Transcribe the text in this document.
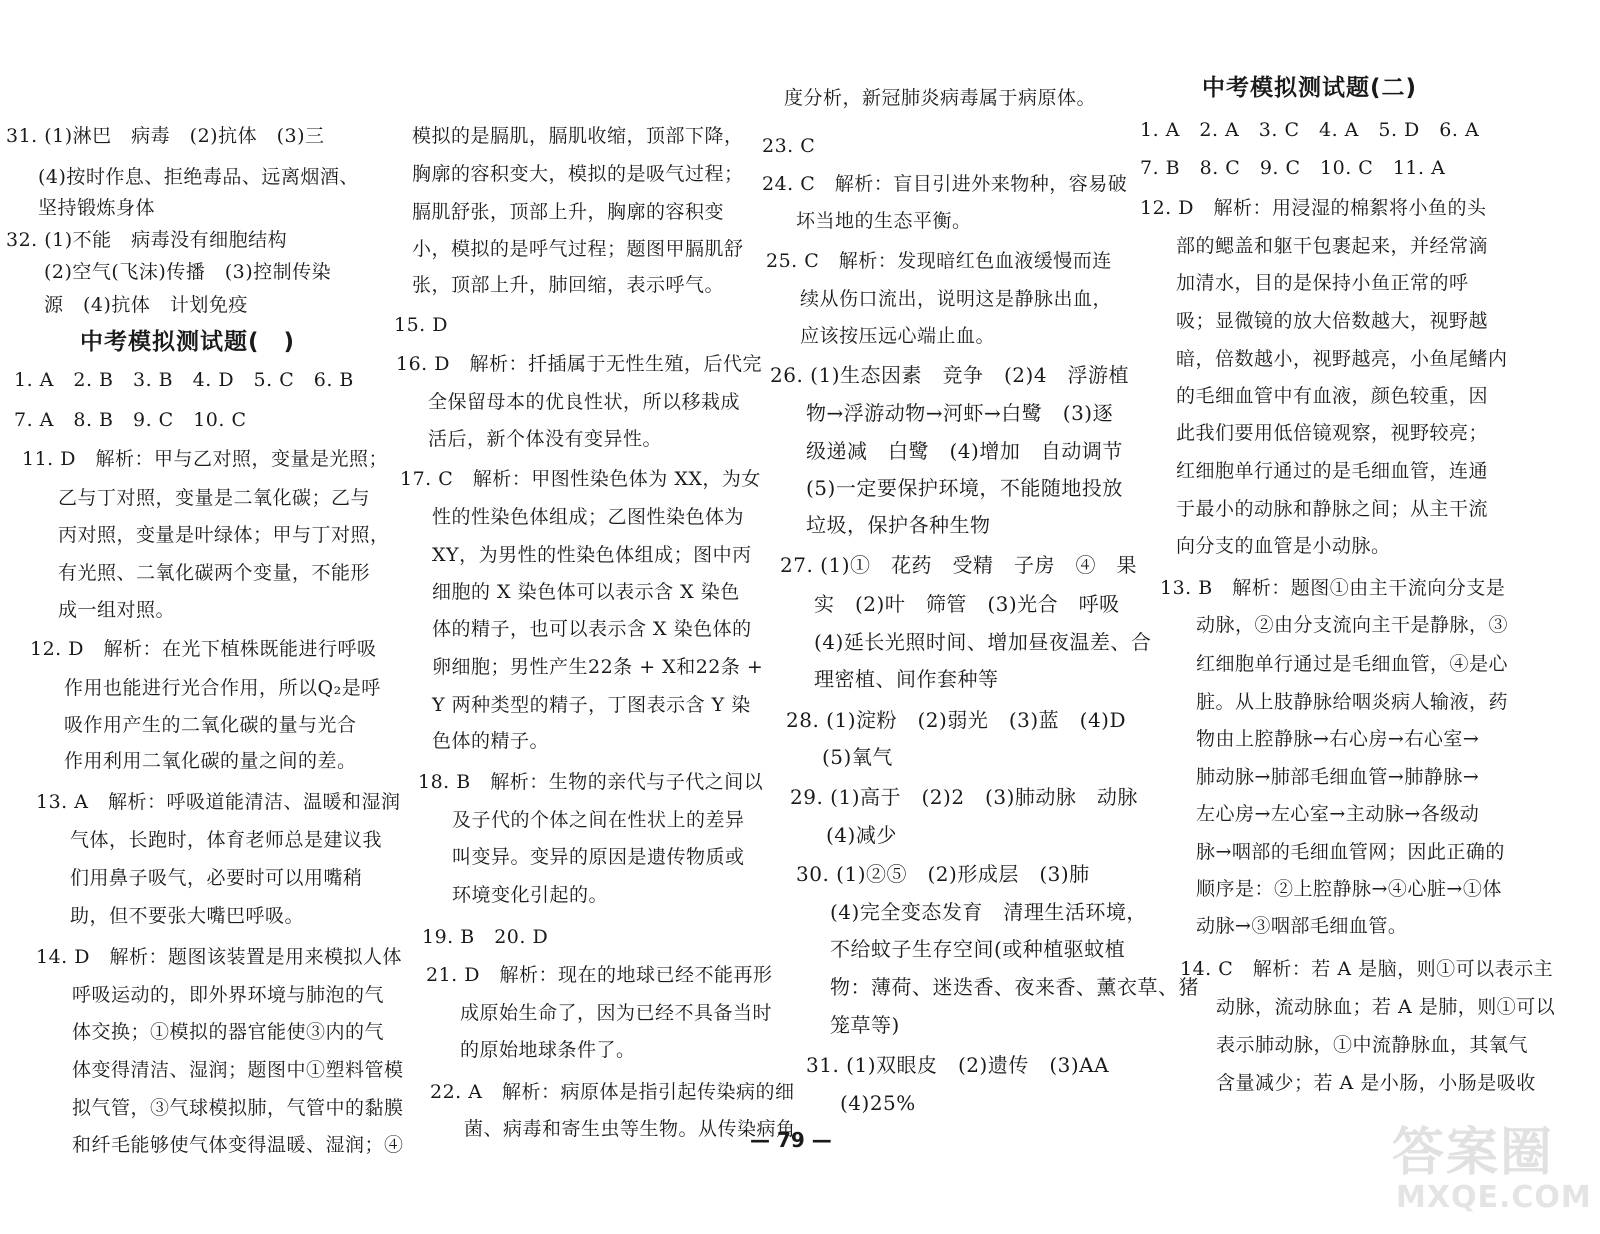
31. (1)淋巴　病毒　(2)抗体　(3)三
(4)按时作息、拒绝毒品、远离烟酒、
坚持锻炼身体
32. (1)不能　病毒没有细胞结构
(2)空气(飞沫)传播　(3)控制传染
源　(4)抗体　计划免疫
中考模拟测试题(　)
1. A　2. B　3. B　4. D　5. C　6. B
7. A　8. B　9. C　10. C
11. D　解析：甲与乙对照，变量是光照；
乙与丁对照，变量是二氧化碳；乙与
丙对照，变量是叶绿体；甲与丁对照，
有光照、二氧化碳两个变量，不能形
成一组对照。
12. D　解析：在光下植株既能进行呼吸
作用也能进行光合作用，所以Q₂是呼
吸作用产生的二氧化碳的量与光合
作用利用二氧化碳的量之间的差。
13. A　解析：呼吸道能清洁、温暖和湿润
气体，长跑时，体育老师总是建议我
们用鼻子吸气，必要时可以用嘴稍
助，但不要张大嘴巴呼吸。
14. D　解析：题图该装置是用来模拟人体
呼吸运动的，即外界环境与肺泡的气
体交换；①模拟的器官能使③内的气
体变得清洁、湿润；题图中①塑料管模
拟气管，③气球模拟肺，气管中的黏膜
和纤毛能够使气体变得温暖、湿润；④
模拟的是膈肌，膈肌收缩，顶部下降，
胸廓的容积变大，模拟的是吸气过程；
膈肌舒张，顶部上升，胸廓的容积变
小，模拟的是呼气过程；题图甲膈肌舒
张，顶部上升，肺回缩，表示呼气。
15. D
16. D　解析：扦插属于无性生殖，后代完
全保留母本的优良性状，所以移栽成
活后，新个体没有变异性。
17. C　解析：甲图性染色体为 XX，为女
性的性染色体组成；乙图性染色体为
XY，为男性的性染色体组成；图中丙
细胞的 X 染色体可以表示含 X 染色
体的精子，也可以表示含 X 染色体的
卵细胞；男性产生22条 + X和22条 +
Y 两种类型的精子，丁图表示含 Y 染
色体的精子。
18. B　解析：生物的亲代与子代之间以
及子代的个体之间在性状上的差异
叫变异。变异的原因是遗传物质或
环境变化引起的。
19. B　20. D
21. D　解析：现在的地球已经不能再形
成原始生命了，因为已经不具备当时
的原始地球条件了。
22. A　解析：病原体是指引起传染病的细
菌、病毒和寄生虫等生物。从传染病角
度分析，新冠肺炎病毒属于病原体。
23. C
24. C　解析：盲目引进外来物种，容易破
坏当地的生态平衡。
25. C　解析：发现暗红色血液缓慢而连
续从伤口流出，说明这是静脉出血，
应该按压远心端止血。
26. (1)生态因素　竞争　(2)4　浮游植
物→浮游动物→河虾→白鹭　(3)逐
级递减　白鹭　(4)增加　自动调节
(5)一定要保护环境，不能随地投放
垃圾，保护各种生物
27. (1)①　花药　受精　子房　④　果
实　(2)叶　筛管　(3)光合　呼吸
(4)延长光照时间、增加昼夜温差、合
理密植、间作套种等
28. (1)淀粉　(2)弱光　(3)蓝　(4)D
(5)氧气
29. (1)高于　(2)2　(3)肺动脉　动脉
(4)减少
30. (1)②⑤　(2)形成层　(3)肺
(4)完全变态发育　清理生活环境，
不给蚊子生存空间(或种植驱蚊植
物：薄荷、迷迭香、夜来香、薰衣草、猪
笼草等)
31. (1)双眼皮　(2)遗传　(3)AA
(4)25%
中考模拟测试题(二)
1. A　2. A　3. C　4. A　5. D　6. A
7. B　8. C　9. C　10. C　11. A
12. D　解析：用浸湿的棉絮将小鱼的头
部的鳃盖和躯干包裹起来，并经常滴
加清水，目的是保持小鱼正常的呼
吸；显微镜的放大倍数越大，视野越
暗，倍数越小，视野越亮，小鱼尾鳍内
的毛细血管中有血液，颜色较重，因
此我们要用低倍镜观察，视野较亮；
红细胞单行通过的是毛细血管，连通
于最小的动脉和静脉之间；从主干流
向分支的血管是小动脉。
13. B　解析：题图①由主干流向分支是
动脉，②由分支流向主干是静脉，③
红细胞单行通过是毛细血管，④是心
脏。从上肢静脉给咽炎病人输液，药
物由上腔静脉→右心房→右心室→
肺动脉→肺部毛细血管→肺静脉→
左心房→左心室→主动脉→各级动
脉→咽部的毛细血管网；因此正确的
顺序是：②上腔静脉→④心脏→①体
动脉→③咽部毛细血管。
14. C　解析：若 A 是脑，则①可以表示主
动脉，流动脉血；若 A 是肺，则①可以
表示肺动脉，①中流静脉血，其氧气
含量减少；若 A 是小肠，小肠是吸收
— 79 —	答案圈
MXQE.COM
